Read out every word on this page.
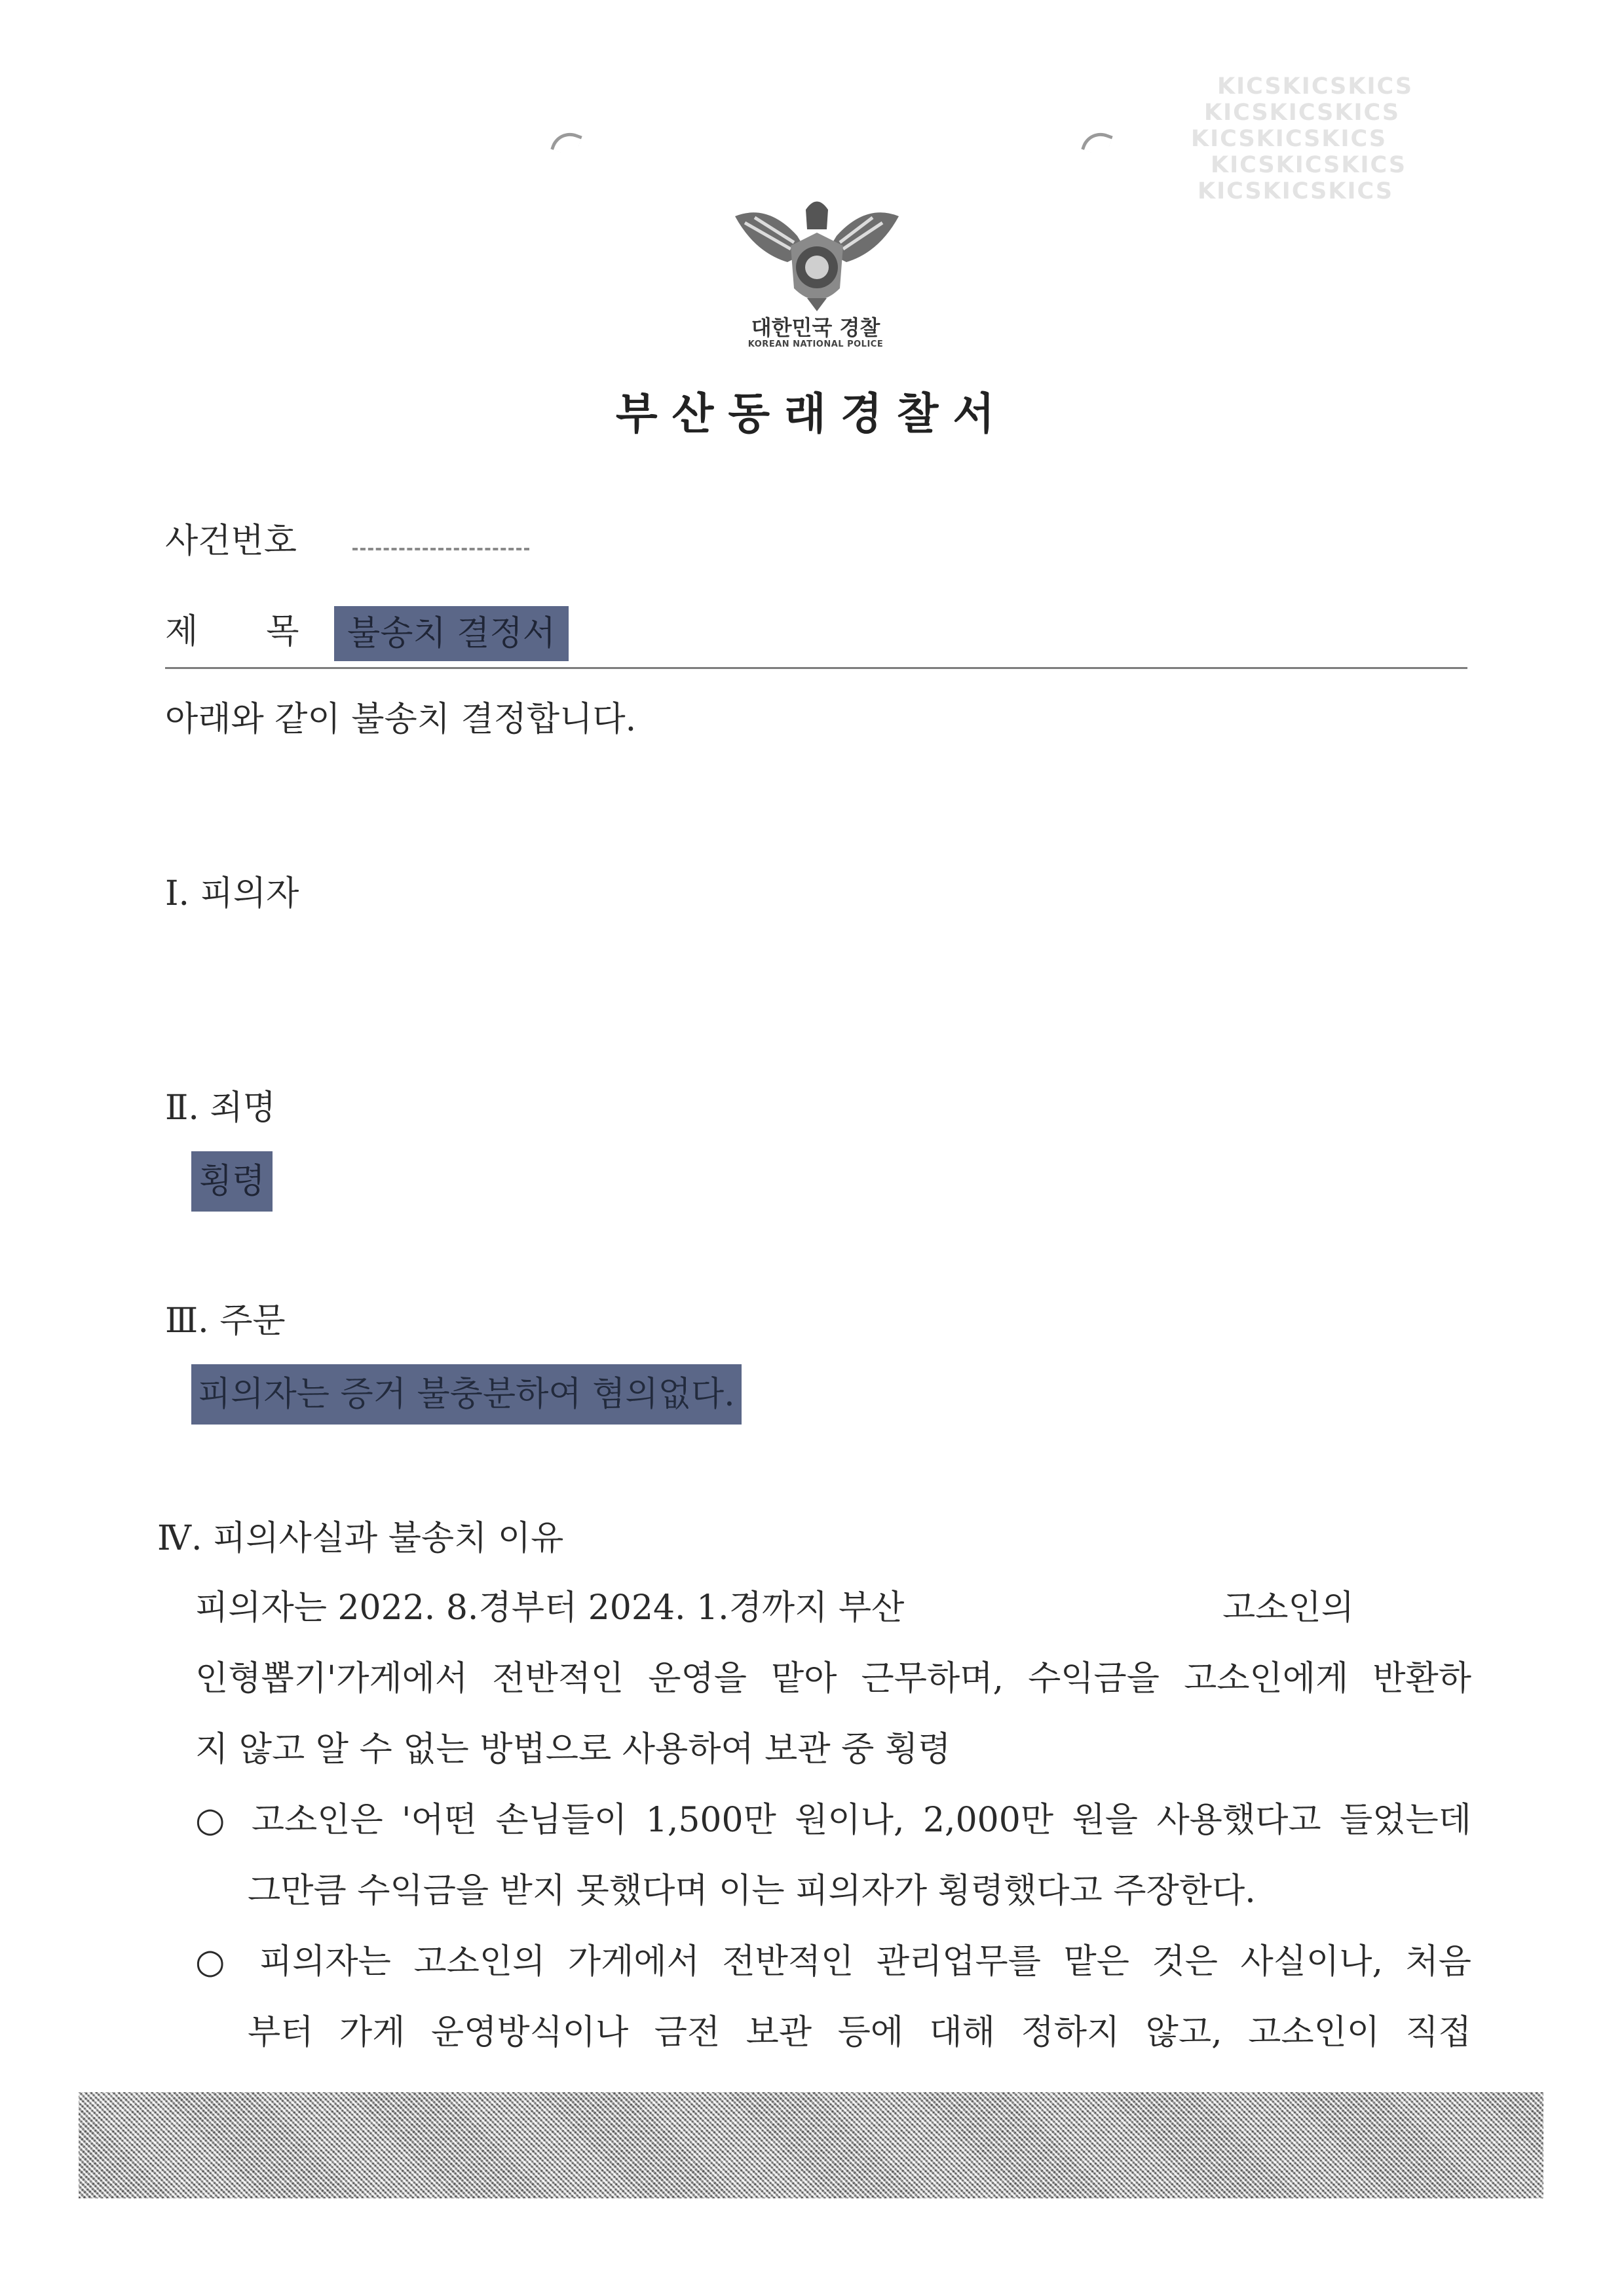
KICSKICSKICS
KICSKICSKICS
KICSKICSKICS
KICSKICSKICS
KICSKICSKICS
대한민국 경찰
KOREAN NATIONAL POLICE
부산동래경찰서
사건번호
제　　목	불송치 결정서
아래와 같이 불송치 결정합니다.
Ⅰ. 피의자
Ⅱ. 죄명
횡령
Ⅲ. 주문
피의자는 증거 불충분하여 혐의없다.
Ⅳ. 피의사실과 불송치 이유
피의자는 2022. 8.경부터 2024. 1.경까지 부산	고소인의
인형뽑기'가게에서 전반적인 운영을 맡아 근무하며, 수익금을 고소인에게 반환하
지 않고 알 수 없는 방법으로 사용하여 보관 중 횡령
○ 고소인은 '어떤 손님들이 1,500만 원이나, 2,000만 원을 사용했다고 들었는데
그만큼 수익금을 받지 못했다며 이는 피의자가 횡령했다고 주장한다.
○ 피의자는 고소인의 가게에서 전반적인 관리업무를 맡은 것은 사실이나, 처음
부터 가게 운영방식이나 금전 보관 등에 대해 정하지 않고, 고소인이 직접
